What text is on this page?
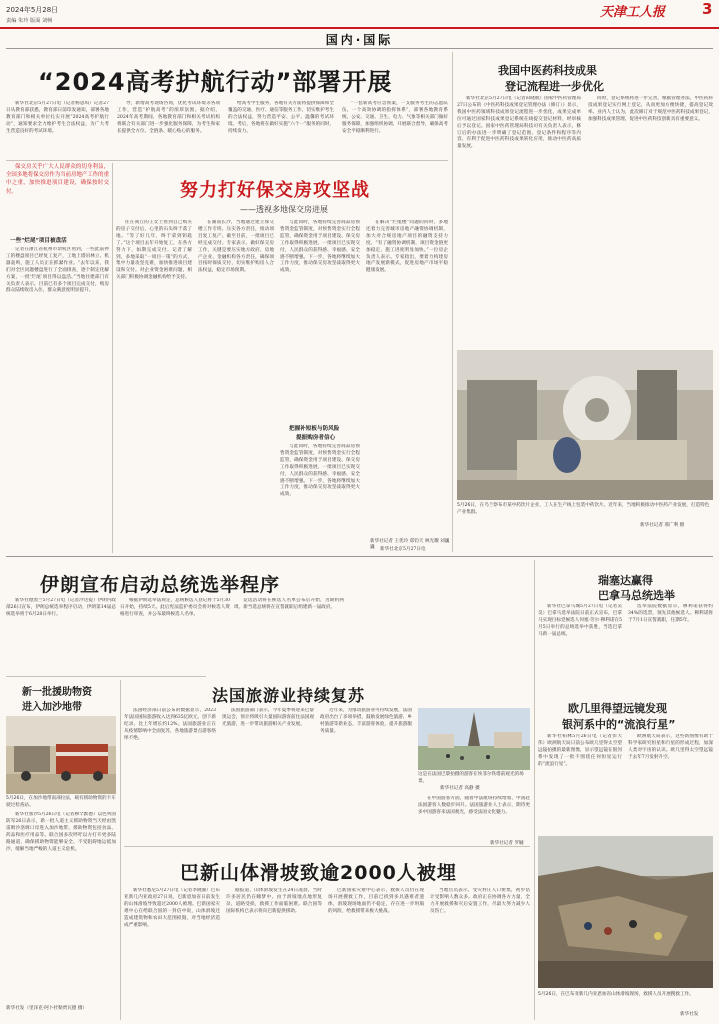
2024年5月28日
责编 朱玲 版面 刘畅
天津工人报 3
国内·国际
“2024高考护航行动”部署开展

新华社北京5月27日电（记者杨思琪）记者27日从教育部获悉，教育部日前印发通知，部署各地教育部门和相关单位扎实开展“2024高考护航行动”，通知要求全力维护考生合法权益，为广大考生营造良好的考试环境。

导，新增高考现场咨询，优化考试环境等各项工作，营造“护航高考”的浓厚氛围。据介绍，2024年高考期间，各地教育部门和相关考试机构将联合有关部门进一步强化服务保障，为考生和家长提供全方位、全链条、暖心贴心的服务。

给高考学生服务，各地有关方面将提供保障和全覆盖的交通、医疗、通信等服务工作，切实维护考生的合法权益，努力营造平安、公平、温馨的考试环境。考后，各地将在做好实施“六个一”服务的同时，持续发力。

“一套新高考应急预案，一支服务考生的志愿队伍，一个高效协调的指挥体系”，部署各地教育系统、公安、交通、卫生、电力、气象等相关部门做好服务保障，加强组织协调，开展联合督导，确保高考安全平稳顺利进行。

保交房关乎广大人民群众的切身利益，全国多地将保交房作为当前房地产工作的重中之重，加快推进项目建设，确保按时交付。

一些“烂尾”项目被盘活

记者在浙江省杭州市余杭区看到，一些此前停工的楼盘项目已经复工复产，工地上塔吊林立、机器轰鸣，施工人员正在抓紧作业。“去年以来，我们对全区问题楼盘进行了全面排查，逐个制定化解方案，一批‘烂尾’项目得以盘活。”当地住建部门有关负责人表示，目前已有多个项目完成交付，购房群众陆续收房入住，群众满意度明显提升。

努力打好保交房攻坚战
——透视多地保交房进展

住在商丘的王女士看到自己购买的房子交付后，心里的石头终于落了地。“等了好几年，终于拿到钥匙了。”这个项目去年开始复工，在各方努力下，如期完成交付。记者了解到，多地采取“一项目一策”的方式，集中力量攻坚克难，加快推进项目建设和交付。对企业资金困难问题，相关部门积极协调金融机构给予支持。

在湖南长沙，当地通过建立保交楼工作专班，压实各方责任，推动项目复工复产。截至目前，一批项目已经完成交付。专家表示，做好保交房工作，关键是要压实地方政府、房地产企业、金融机构各方责任，确保项目按时保质交付，切实维护购房人合法权益，稳定市场预期。

与此同时，各地持续完善商品房预售资金监管制度，对预售资金实行全程监管，确保资金用于项目建设。保交房工作取得积极进展，一批项目已实现交付，人民群众的获得感、幸福感、安全感不断增强。下一步，各地将继续加大工作力度，推动保交房攻坚战取得更大成效。

把握补短板与防风险
提振购房者信心

与此同时，各地持续完善商品房预售资金监管制度，对预售资金实行全程监管，确保资金用于项目建设。保交房工作取得积极进展，一批项目已实现交付，人民群众的获得感、幸福感、安全感不断增强。下一步，各地将继续加大工作力度，推动保交房攻坚战取得更大成效。

在解决“烂尾楼”问题的同时，多地还着力完善城市房地产融资协调机制，加大对合规房地产项目的融资支持力度。“有了融资协调机制，项目资金链更加稳定，施工进度明显加快。”一位房企负责人表示。专家指出，要着力构建房地产发展新模式，促进房地产市场平稳健康发展。

新华社记者 王优玲 郑钧天 林光耀 刘巍巍	新华社北京5月27日电
我国中医药科技成果
登记流程进一步优化

新华社北京5月27日电（记者田晓航）国家中医药管理局27日公布的《中医药科技成果登记管理办法（修订）》显示，我国中医药领域科技成果登记流程进一步优化，成果完成单位可通过国家科技成果登记系统在线提交登记材料，经审核后予以登记。国家中医药管理局科技司有关负责人表示，修订后的办法进一步明确了登记范围、登记条件和程序等内容，有利于促进中医药科技成果转化应用，推动中医药高质量发展。

同时，登记系统将进一步完善，根据管理办法，中医药科技成果登记实行网上登记，从而更加方便快捷，提高登记效率。业内人士认为，此次修订对于规范中医药科技成果登记、加强科技成果管理、促进中医药科技创新具有重要意义。

5月26日，在乌兰察布市某中药饮片企业，工人在生产线上包装中药饮片。近年来，当地积极推动中医药产业发展，打造特色产业集群。
新华社记者 邢广利 摄
伊朗宣布启动总统选举程序

新华社德黑兰5月27日电（记者沙达提）伊朗内政部26日宣布，伊朗总统选举程序启动，伊朗第14届总统选举将于6月28日举行。

根据伊朗选举法规定，总统候选人登记将于5月30日开始，持续5天。此后宪法监护委员会将对候选人资格进行审查，并公布最终候选人名单。

竞选活动将在候选人名单公布后开始，为期约两周。新当选总统将在宣誓就职后组建新一届政府。

瑞塞达赢得
巴拿马总统选举

新华社巴拿马城5月27日电（记者吴昊）巴拿马选举法院日前正式宣布，巴拿马实现目标党候选人何塞·劳尔·穆利诺在5月5日举行的总统选举中获胜，当选巴拿马新一届总统。

选举法院数据显示，穆利诺获得约34%的选票，领先其他候选人。穆利诺将于7月1日宣誓就职，任期5年。

新一批援助物资
进入加沙地带
5月26日，在加沙地带南部拉法，载有援助物资的卡车驶过检查站。

新华社加沙5月26日电（记者穆罕默德）以色列国防军26日表示，新一批人道主义援助物资当天经由凯雷姆沙洛姆口岸进入加沙地带。援助物资包括食品、药品和医疗用品等。联合国多次呼吁以方打开更多陆路通道，确保援助物资能够安全、不受阻碍地运抵加沙，缓解当地严峻的人道主义危机。

新华社发（里泽克·阿卜杜勒贾瓦德 摄）
法国旅游业持续复苏

法国经济部日前公布的数据显示，2023年法国国际旅游收入达到635亿欧元，创下新纪录，比上年增长约12%。法国旅游业正在从疫情影响中全面复苏，各地旅游景点游客络绎不绝。

法国旅游部门表示，今年夏季将迎来巴黎奥运会，预计将吸引大量国际游客前往法国观光旅游，进一步带动旅游相关产业发展。

近年来，为推动旅游业可持续发展，法国政府出台了多项举措，鼓励发展绿色旅游、乡村旅游等新业态，丰富游客体验，提升旅游服务质量。

这是在法国巴黎拍摄的游客在埃菲尔铁塔前观光的场景。
新华社记者 高静 摄

在中国游客方面，随着中法航班持续增加，中国赴法国游客人数稳步回升。法国旅游业人士表示，期待更多中国游客来法国观光，感受法国文化魅力。

新华社记者 罗毓
欧几里得望远镜发现
银河系中的“流浪行星”

新华社柏林5月26日电（记者彭大伟）欧洲航天局日前公布欧几里得太空望远镜拍摄的最新图像，显示望远镜在银河系中发现了一批不围绕任何恒星运行的“流浪行星”。

欧洲航天局表示，这些新图像有助于科学家研究恒星和行星的形成过程，加深人类对宇宙的认识。欧几里得太空望远镜于去年7月发射升空。

5月26日，在巴布亚新几内亚恩加省山体滑坡现场，救援人员开展搜救工作。
新华社发
巴新山体滑坡致逾2000人被埋

新华社悉尼5月27日电（记者李晓渝）巴布亚新几内亚政府27日说，巴新恩加省日前发生的山体滑坡导致超过2000人被埋。巴新国家灾难中心在给联合国的一封信中说，山体滑坡还造成建筑物和农田大范围损毁，对当地经济造成严重影响。

据报道，山体滑坡发生在24日凌晨，当时许多居民仍在睡梦中。由于滑坡地点地形复杂、道路受损，救援工作面临困难。联合国等国际机构已表示将向巴新提供援助。

巴新国家灾难中心表示，救援人员仍在现场开展搜救工作，目前已找到多具遇难者遗体，滑坡现场地面仍不稳定，存在进一步坍塌的风险，给救援带来极大挑战。

当地官员表示，受灾村庄人口密集，初步估计受影响人数众多。政府正在协调各方力量，全力开展救援和灾后安置工作，尽最大努力减少人员伤亡。
